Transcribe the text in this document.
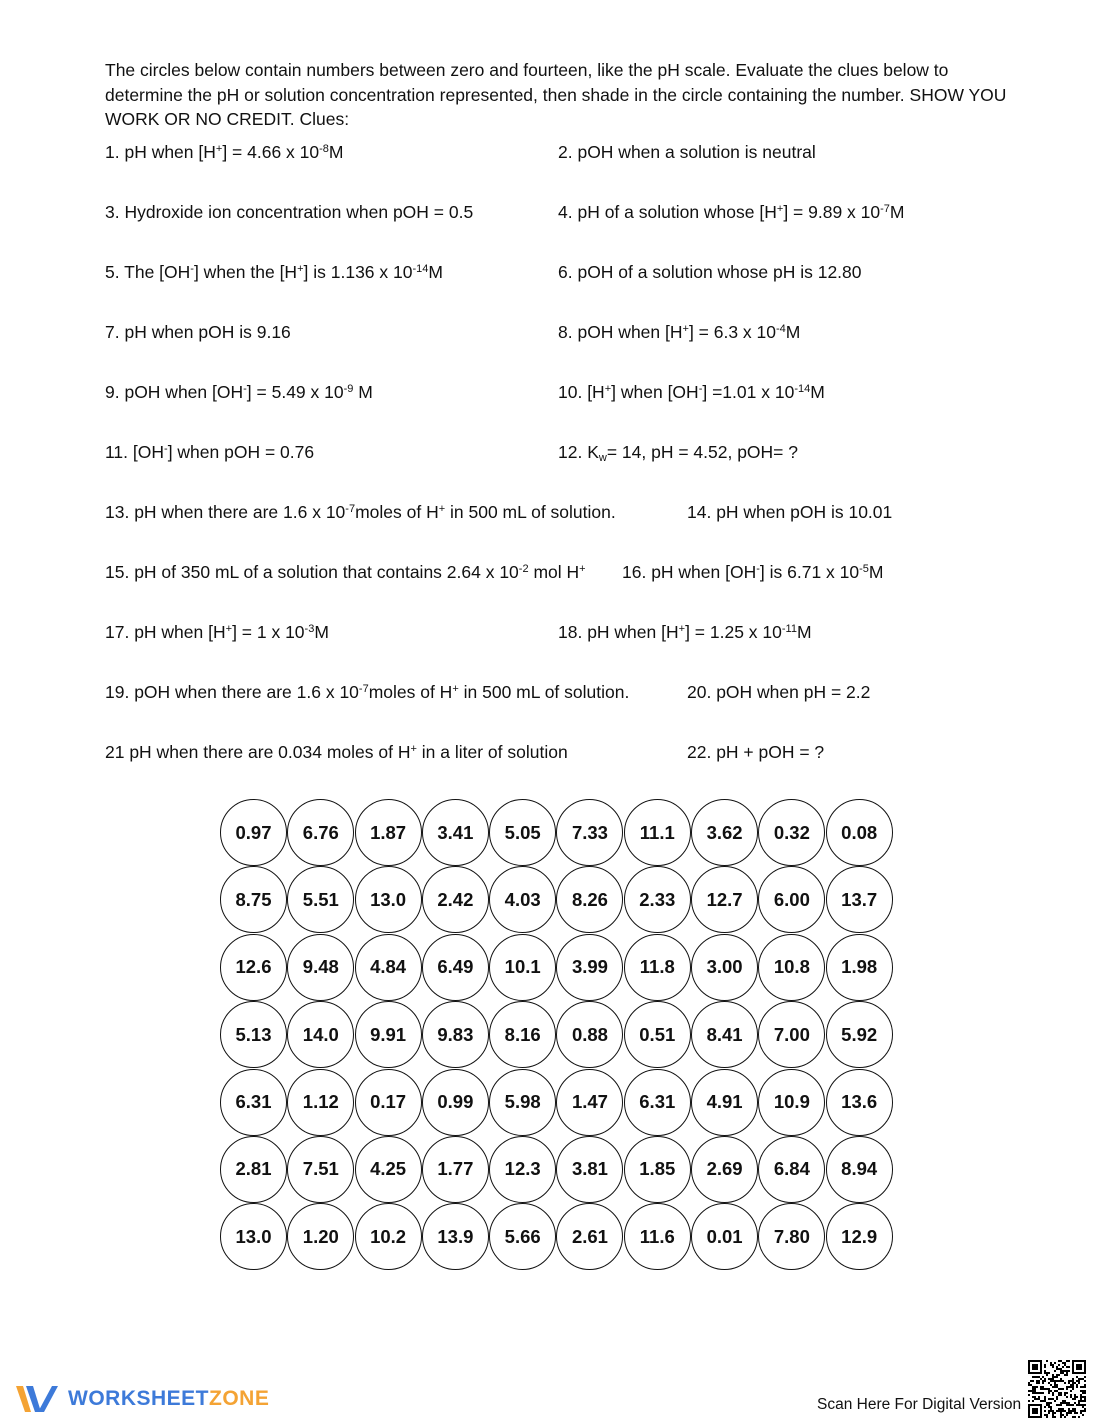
The circles below contain numbers between zero and fourteen, like the pH scale. Evaluate the clues below to determine the pH or solution concentration represented, then shade in the circle containing the number. SHOW YOU WORK OR NO CREDIT. Clues:

1. pH when [H+] = 4.66 x $10^{-8}M$	2. pOH when a solution is neutral
3. Hydroxide ion concentration when pOH = 0.5	4. pH of a solution whose [H+] = 9.89 x $10^{-7}M$
5. The [OH-] when the [H+] is 1.136 x $10^{-14}M$	6. pOH of a solution whose pH is 12.80
7. pH when pOH is 9.16	8. pOH when [H+] = 6.3 x $10^{-4}M$
9. pOH when [OH-] = 5.49 x $10^{-9}$ M	10. [H+] when [OH-] =1.01 x $10^{-14}M$
11. [OH-] when pOH = 0.76	12. $K_w= 14$, pH = 4.52, pOH= ?
13. pH when there are 1.6 x $10^{-7}moles$ of H+ in 500 mL of solution.	14. pH when pOH is 10.01
15. pH of 350 mL of a solution that contains 2.64 x $10^{-2}$ mol H+ 16. pH when [OH-] is 6.71 x $10^{-5}M$
17. pH when [H+] = 1 x $10^{-3}M$	18. pH when [H+] = 1.25 x $10^{-11}M$
19. pOH when there are 1.6 x $10^{-7}moles$ of H+ in 500 mL of solution.	20. pOH when pH = 2.2
21 pH when there are 0.034 moles of H+ in a liter of solution	22. pH + pOH = ?
0.97	6.76	1.87	3.41	5.05	7.33	11.1	3.62	0.32	0.08
8.75	5.51	13.0	2.42	4.03	8.26	2.33	12.7	6.00	13.7
12.6	9.48	4.84	6.49	10.1	3.99	11.8	3.00	10.8	1.98
5.13	14.0	9.91	9.83	8.16	0.88	0.51	8.41	7.00	5.92
6.31	1.12	0.17	0.99	5.98	1.47	6.31	4.91	10.9	13.6
2.81	7.51	4.25	1.77	12.3	3.81	1.85	2.69	6.84	8.94
13.0	1.20	10.2	13.9	5.66	2.61	11.6	0.01	7.80	12.9
WORKSHEETZONE	Scan Here For Digital Version
